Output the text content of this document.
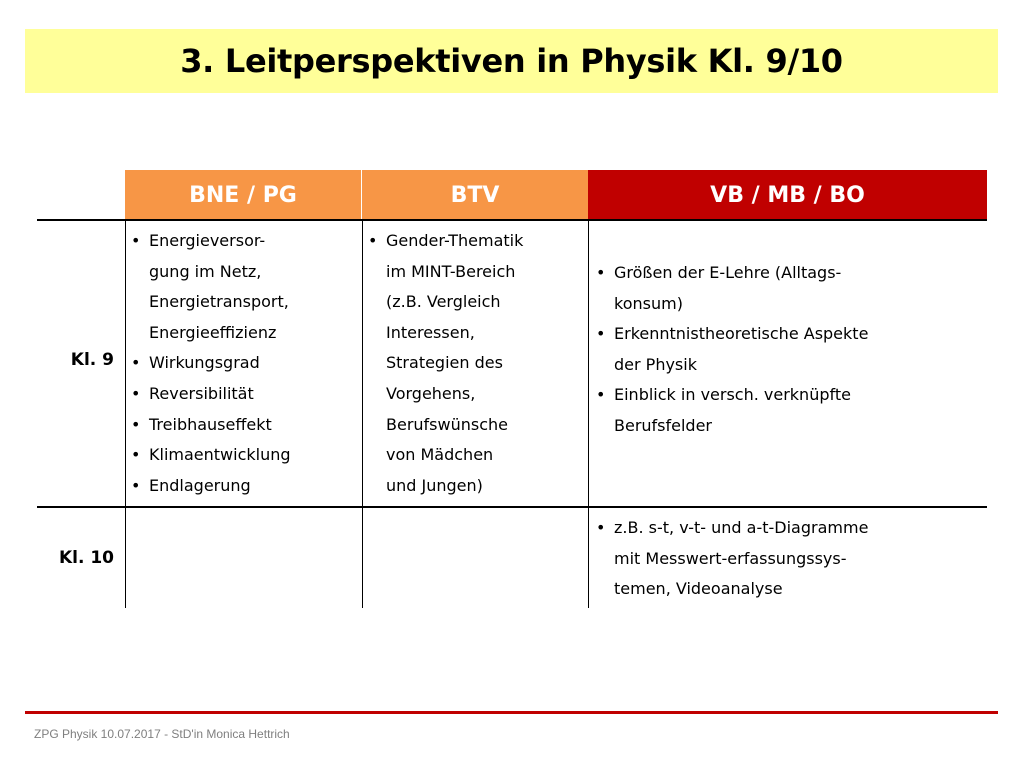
3. Leitperspektiven in Physik Kl. 9/10
BNE / PG	BTV	VB / MB / BO
Kl. 9
• Energieversor-
gung im Netz,
Energietransport,
Energieeffizienz
• Wirkungsgrad
• Reversibilität
• Treibhauseffekt
• Klimaentwicklung
• Endlagerung
• Gender-Thematik
im MINT-Bereich
(z.B. Vergleich
Interessen,
Strategien des
Vorgehens,
Berufswünsche
von Mädchen
und Jungen)
• Größen der E-Lehre (Alltags-
konsum)
• Erkenntnistheoretische Aspekte
der Physik
• Einblick in versch. verknüpfte
Berufsfelder
Kl. 10
• z.B. s-t, v-t- und a-t-Diagramme
mit Messwert-erfassungssys-
temen, Videoanalyse
ZPG Physik 10.07.2017 - StD'in Monica Hettrich
